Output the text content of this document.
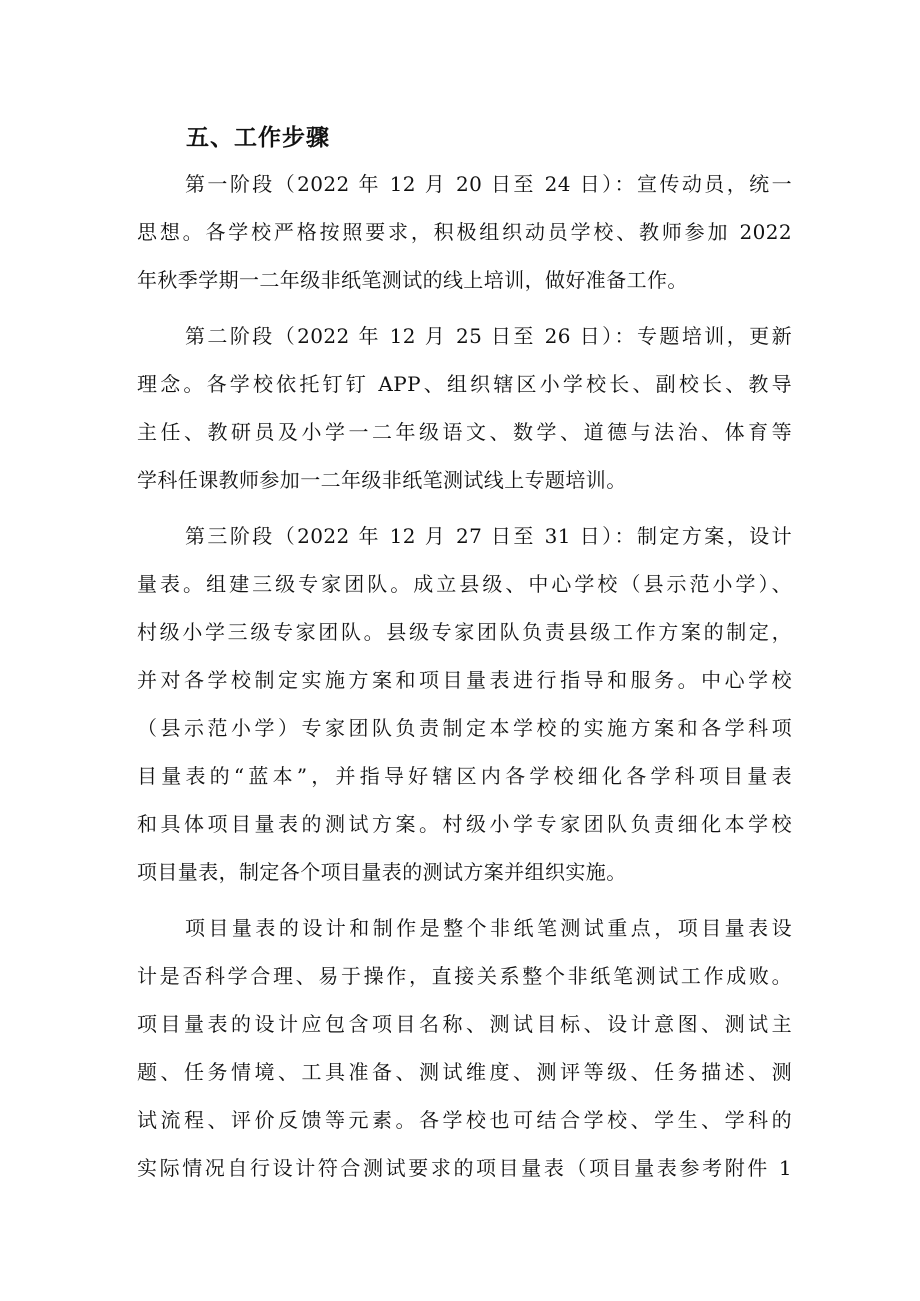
五、工作步骤
第一阶段（2022 年 12 月 20 日至 24 日）：宣传动员，统一
思想。各学校严格按照要求，积极组织动员学校、教师参加 2022
年秋季学期一二年级非纸笔测试的线上培训，做好准备工作。
第二阶段（2022 年 12 月 25 日至 26 日）：专题培训，更新
理念。各学校依托钉钉 APP、组织辖区小学校长、副校长、教导
主任、教研员及小学一二年级语文、数学、道德与法治、体育等
学科任课教师参加一二年级非纸笔测试线上专题培训。
第三阶段（2022 年 12 月 27 日至 31 日）：制定方案，设计
量表。组建三级专家团队。成立县级、中心学校（县示范小学）、
村级小学三级专家团队。县级专家团队负责县级工作方案的制定，
并对各学校制定实施方案和项目量表进行指导和服务。中心学校
（县示范小学）专家团队负责制定本学校的实施方案和各学科项
目量表的“蓝本”，并指导好辖区内各学校细化各学科项目量表
和具体项目量表的测试方案。村级小学专家团队负责细化本学校
项目量表，制定各个项目量表的测试方案并组织实施。
项目量表的设计和制作是整个非纸笔测试重点，项目量表设
计是否科学合理、易于操作，直接关系整个非纸笔测试工作成败。
项目量表的设计应包含项目名称、测试目标、设计意图、测试主
题、任务情境、工具准备、测试维度、测评等级、任务描述、测
试流程、评价反馈等元素。各学校也可结合学校、学生、学科的
实际情况自行设计符合测试要求的项目量表（项目量表参考附件 1
